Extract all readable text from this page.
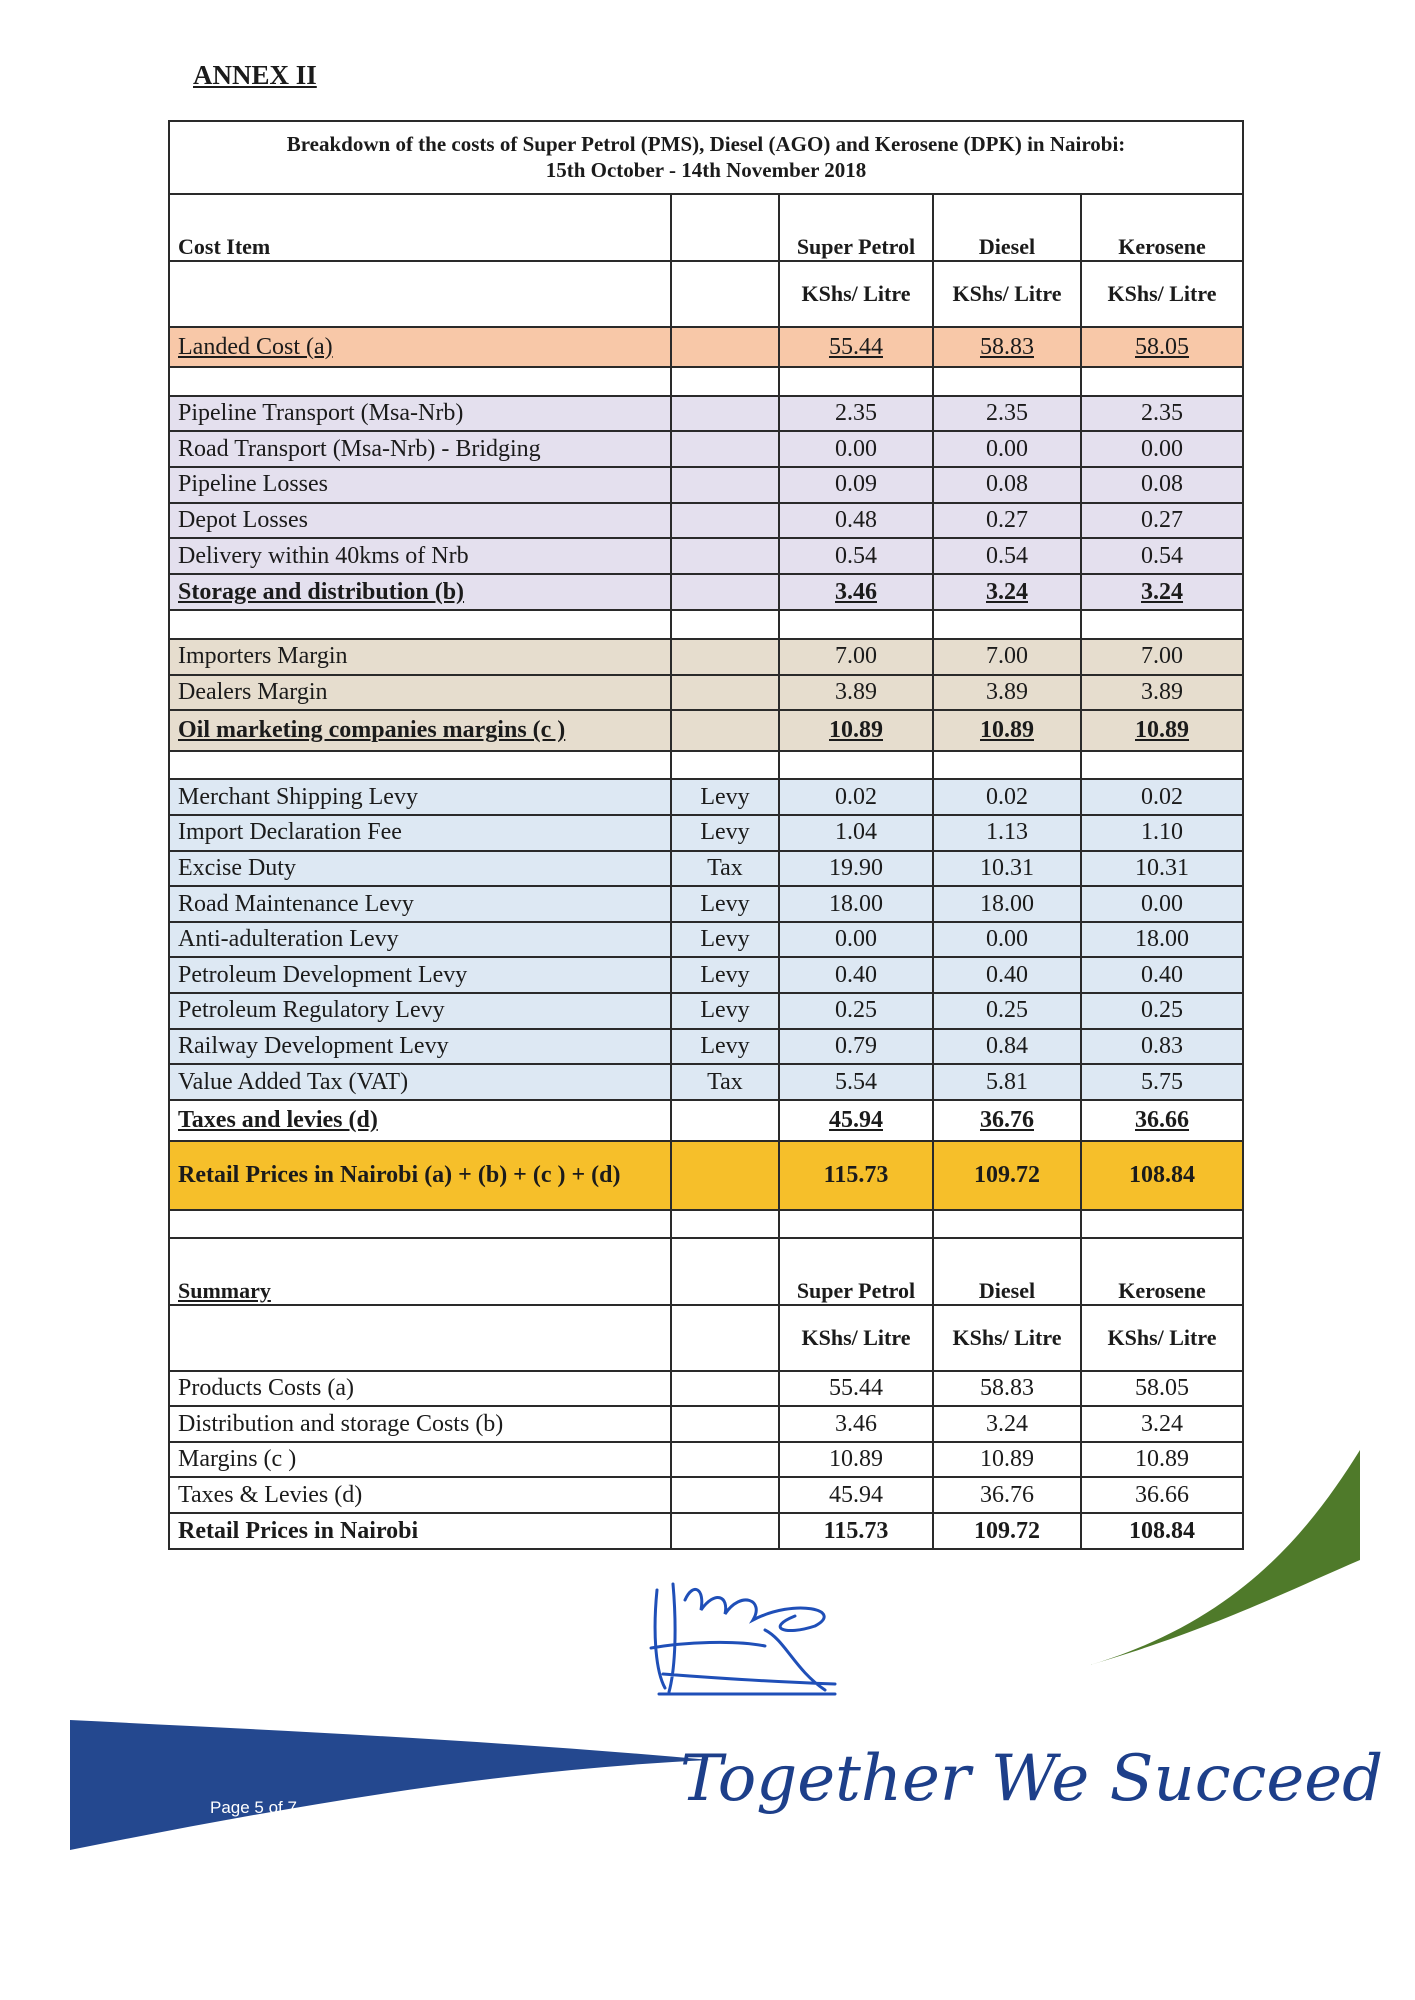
ANNEX II
Breakdown of the costs of Super Petrol (PMS), Diesel (AGO) and Kerosene (DPK) in Nairobi:
15th October - 14th November 2018				

Cost Item		Super Petrol	Diesel	Kerosene
		KShs/ Litre	KShs/ Litre	KShs/ Litre
Landed Cost (a)		55.44	58.83	58.05

Pipeline Transport (Msa-Nrb)		2.35	2.35	2.35
Road Transport (Msa-Nrb) - Bridging		0.00	0.00	0.00
Pipeline Losses		0.09	0.08	0.08
Depot Losses		0.48	0.27	0.27
Delivery within 40kms of Nrb		0.54	0.54	0.54
Storage and distribution (b)		3.46	3.24	3.24

Importers Margin		7.00	7.00	7.00
Dealers Margin		3.89	3.89	3.89
Oil marketing companies margins (c )		10.89	10.89	10.89

Merchant Shipping Levy	Levy	0.02	0.02	0.02
Import Declaration Fee	Levy	1.04	1.13	1.10
Excise Duty	Tax	19.90	10.31	10.31
Road Maintenance Levy	Levy	18.00	18.00	0.00
Anti-adulteration Levy	Levy	0.00	0.00	18.00
Petroleum Development Levy	Levy	0.40	0.40	0.40
Petroleum Regulatory Levy	Levy	0.25	0.25	0.25
Railway Development Levy	Levy	0.79	0.84	0.83
Value Added Tax (VAT)	Tax	5.54	5.81	5.75
Taxes and levies (d)		45.94	36.76	36.66
Retail Prices in Nairobi (a) + (b) + (c ) + (d)		115.73	109.72	108.84

Summary		Super Petrol	Diesel	Kerosene
		KShs/ Litre	KShs/ Litre	KShs/ Litre
Products Costs (a)		55.44	58.83	58.05
Distribution and storage Costs (b)		3.46	3.24	3.24
Margins (c )		10.89	10.89	10.89
Taxes & Levies (d)		45.94	36.76	36.66
Retail Prices in Nairobi		115.73	109.72	108.84
Page 5 of 7	Together We Succeed
